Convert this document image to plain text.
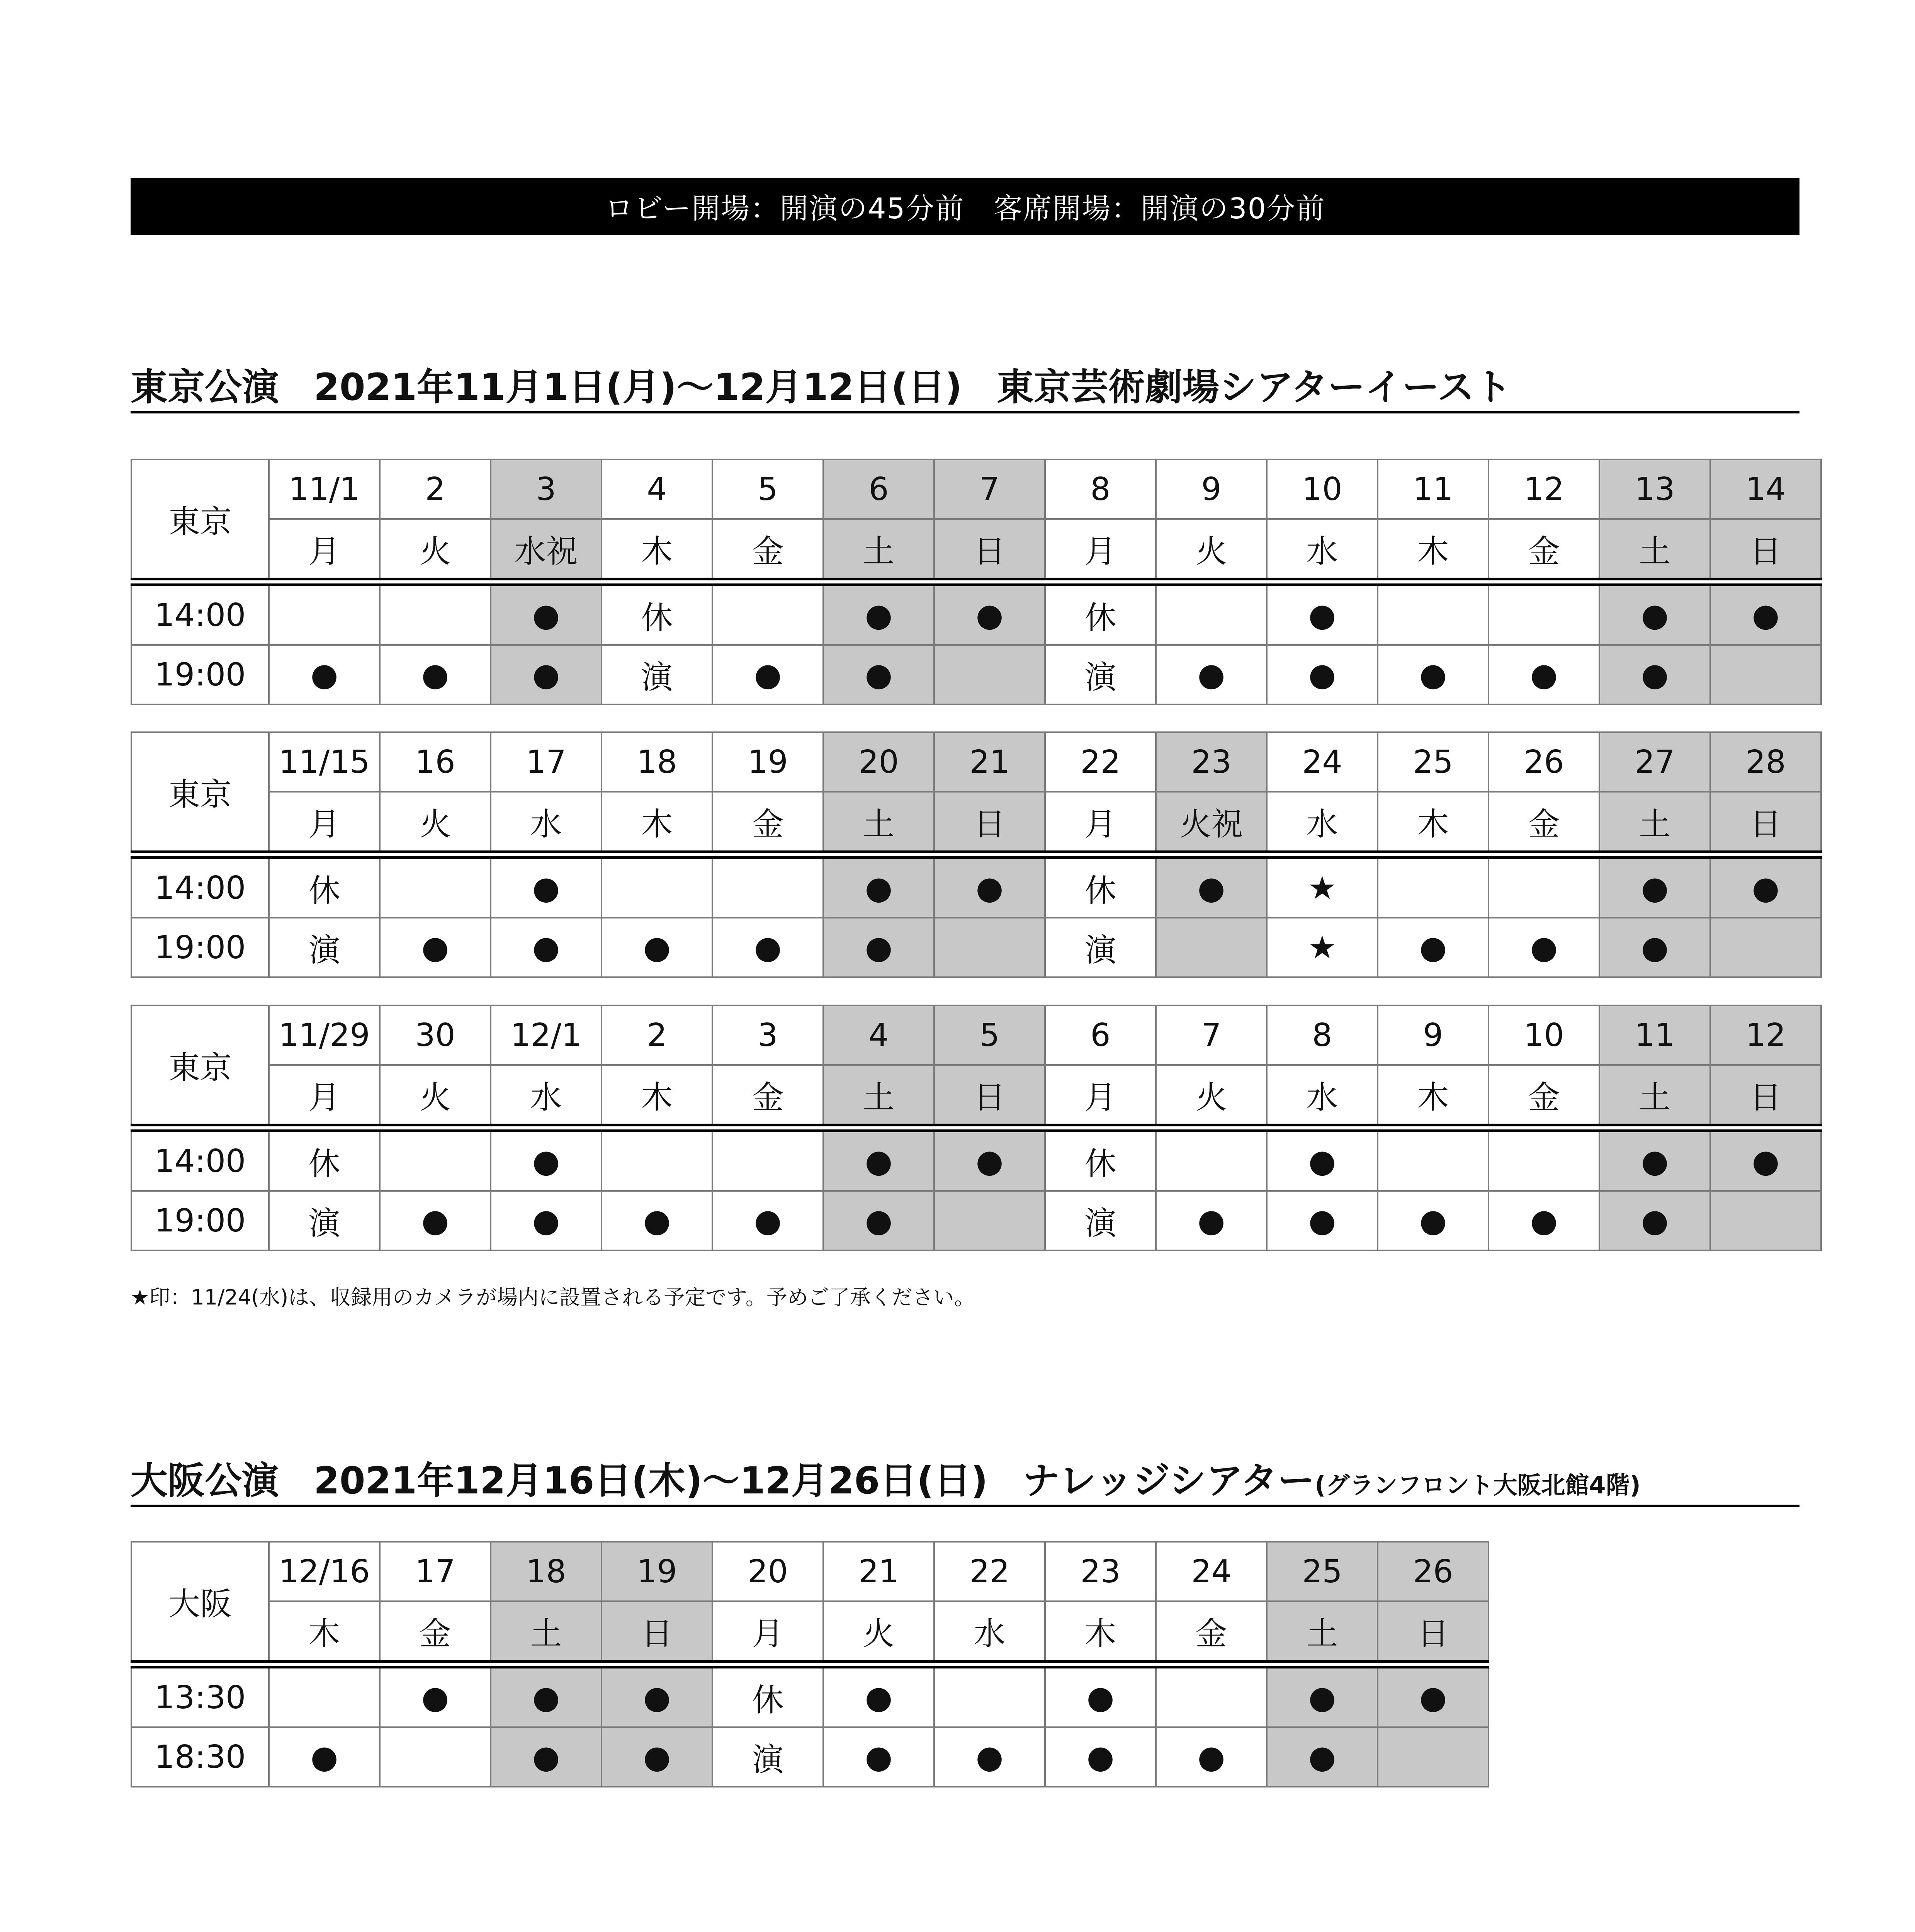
ロビー開場：開演の45分前　客席開場：開演の30分前
東京公演 2021年11月1日(月)〜12月12日(日) 東京芸術劇場シアターイースト
東京	11/1	2	3	4	5	6	7	8	9	10	11	12	13	14
	月	火	水祝	木	金	土	日	月	火	水	木	金	土	日
14:00			●	休		●	●	休		●			●	●
19:00	●	●	●	演	●	●		演	●	●	●	●	●	
東京	11/15	16	17	18	19	20	21	22	23	24	25	26	27	28
	月	火	水	木	金	土	日	月	火祝	水	木	金	土	日
14:00	休		●			●	●	休	●	★			●	●
19:00	演	●	●	●	●	●		演		★	●	●	●	
東京	11/29	30	12/1	2	3	4	5	6	7	8	9	10	11	12
	月	火	水	木	金	土	日	月	火	水	木	金	土	日
14:00	休		●			●	●	休		●			●	●
19:00	演	●	●	●	●	●		演	●	●	●	●	●	
★印：11/24(水)は、収録用のカメラが場内に設置される予定です。予めご了承ください。
大阪公演 2021年12月16日(木)〜12月26日(日) ナレッジシアター(グランフロント大阪北館4階)
大阪	12/16	17	18	19	20	21	22	23	24	25	26
	木	金	土	日	月	火	水	木	金	土	日
13:30		●	●	●	休	●		●		●	●
18:30	●		●	●	演	●	●	●	●	●	
